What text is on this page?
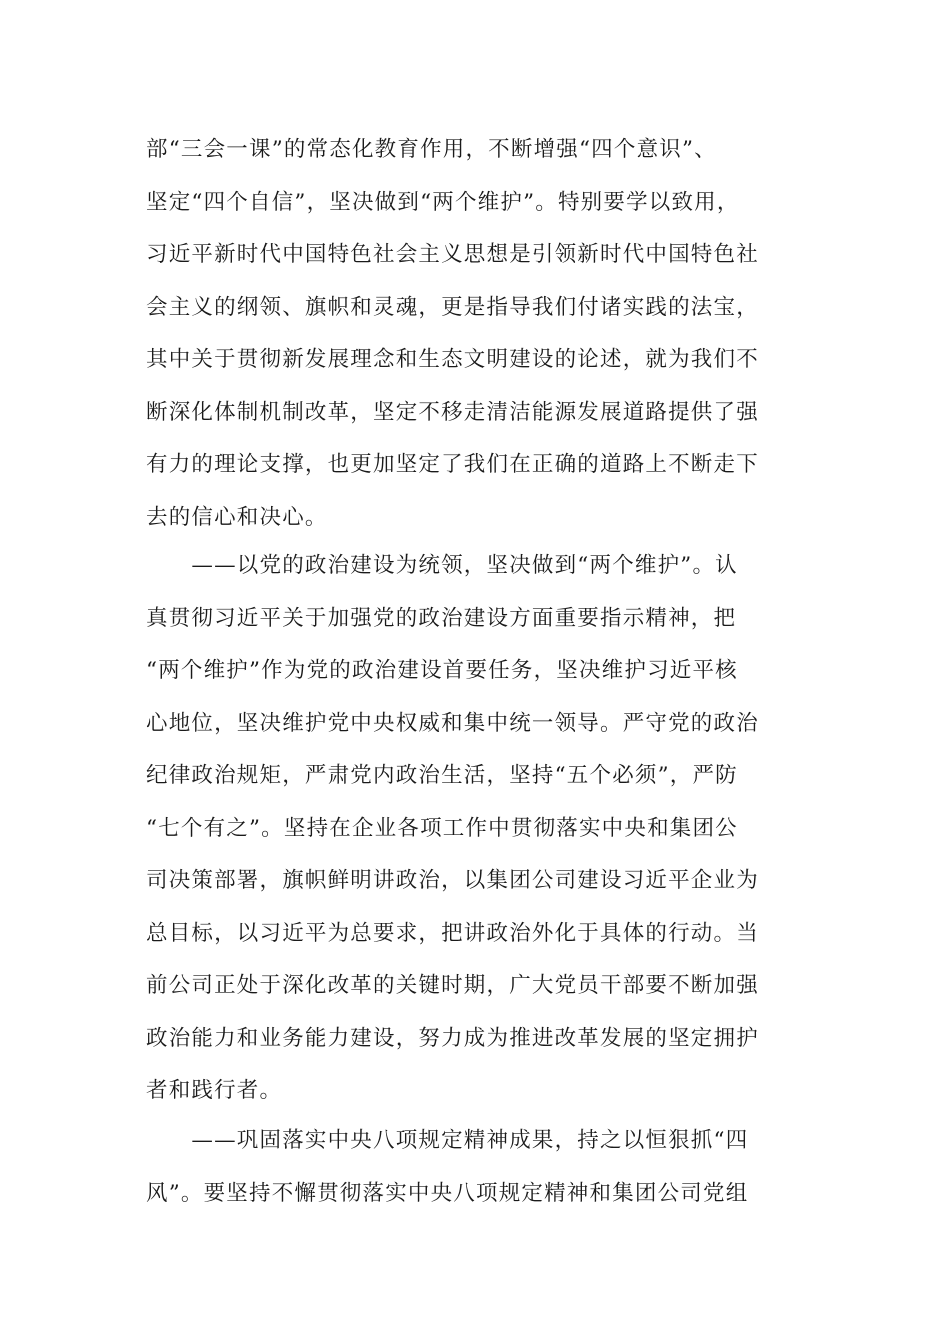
部“三会一课”的常态化教育作用，不断增强“四个意识”、
坚定“四个自信”，坚决做到“两个维护”。特别要学以致用，
习近平新时代中国特色社会主义思想是引领新时代中国特色社
会主义的纲领、旗帜和灵魂，更是指导我们付诸实践的法宝，
其中关于贯彻新发展理念和生态文明建设的论述，就为我们不
断深化体制机制改革，坚定不移走清洁能源发展道路提供了强
有力的理论支撑，也更加坚定了我们在正确的道路上不断走下
去的信心和决心。
　　——以党的政治建设为统领，坚决做到“两个维护”。认
真贯彻习近平关于加强党的政治建设方面重要指示精神，把
“两个维护”作为党的政治建设首要任务，坚决维护习近平核
心地位，坚决维护党中央权威和集中统一领导。严守党的政治
纪律政治规矩，严肃党内政治生活，坚持“五个必须”，严防
“七个有之”。坚持在企业各项工作中贯彻落实中央和集团公
司决策部署，旗帜鲜明讲政治，以集团公司建设习近平企业为
总目标，以习近平为总要求，把讲政治外化于具体的行动。当
前公司正处于深化改革的关键时期，广大党员干部要不断加强
政治能力和业务能力建设，努力成为推进改革发展的坚定拥护
者和践行者。
　　——巩固落实中央八项规定精神成果，持之以恒狠抓“四
风”。要坚持不懈贯彻落实中央八项规定精神和集团公司党组
